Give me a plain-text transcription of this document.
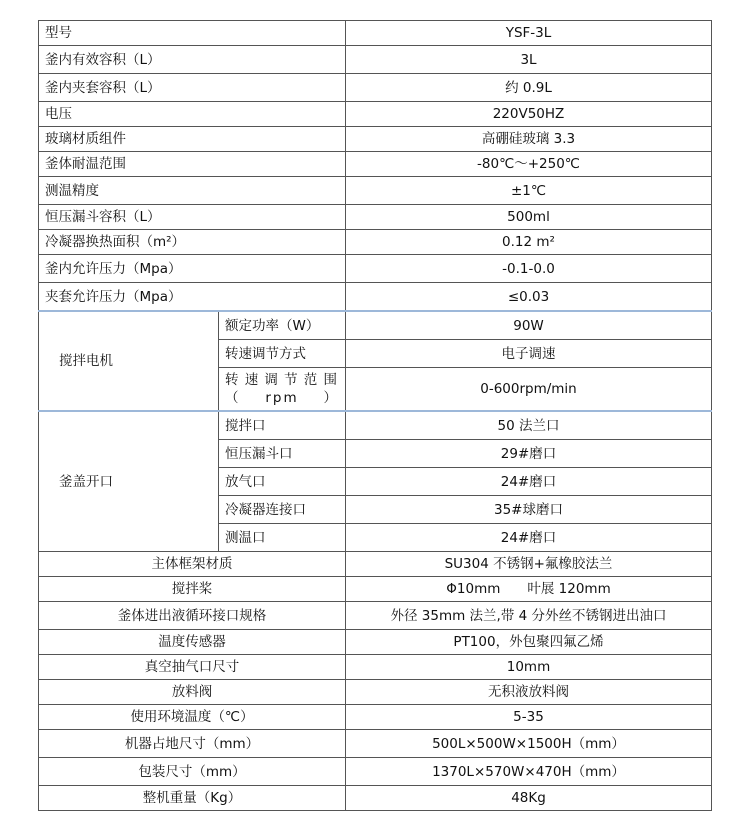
型号		YSF-3L
釜内有效容积（L）		3L
釜内夹套容积（L）		约 0.9L
电压		220V50HZ
玻璃材质组件		高硼硅玻璃 3.3
釜体耐温范围		-80℃～+250℃
测温精度		±1℃
恒压漏斗容积（L）		500ml
冷凝器换热面积（m²）		0.12 m²
釜内允许压力（Mpa）		-0.1-0.0
夹套允许压力（Mpa）		≤0.03
搅拌电机	额定功率（W）	90W
	转速调节方式	电子调速
	转速调节范围（rpm）	0-600rpm/min
釜盖开口	搅拌口	50 法兰口
	恒压漏斗口	29#磨口
	放气口	24#磨口
	冷凝器连接口	35#球磨口
	测温口	24#磨口
主体框架材质		SU304 不锈钢+氟橡胶法兰
搅拌桨		Φ10mm　　叶展 120mm
釜体进出液循环接口规格		外径 35mm 法兰,带 4 分外丝不锈钢进出油口
温度传感器		PT100，外包聚四氟乙烯
真空抽气口尺寸		10mm
放料阀		无积液放料阀
使用环境温度（℃）		5-35
机器占地尺寸（mm）		500L×500W×1500H（mm）
包装尺寸（mm）		1370L×570W×470H（mm）
整机重量（Kg）		48Kg
